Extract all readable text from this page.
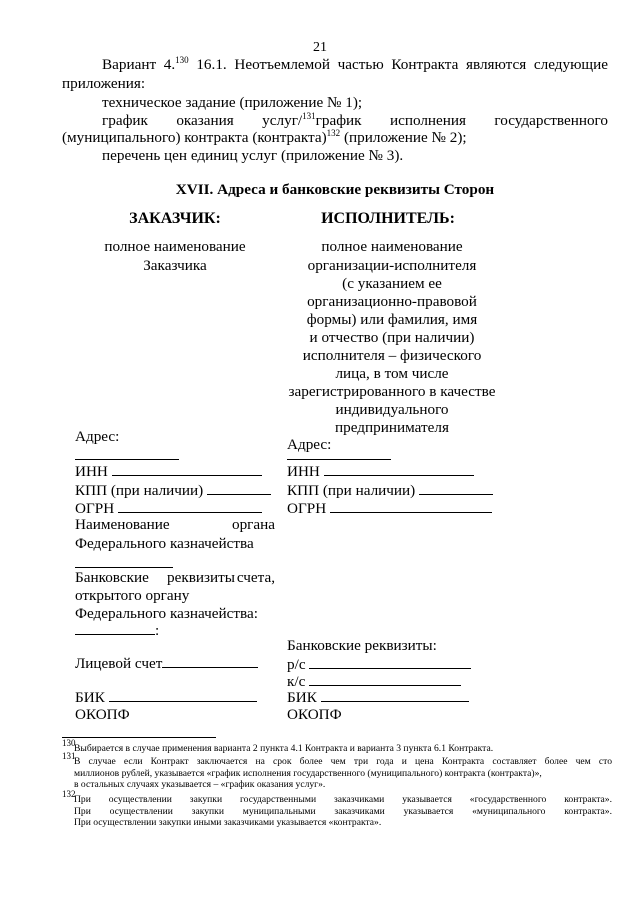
21
Вариант 4.$^{130}$ 16.1. Неотъемлемой частью Контракта являются следующие
приложения:
техническое задание (приложение № 1);
график оказания услуг/$^{131}$график исполнения государственного
(муниципального) контракта (контракта)$^{132}$ (приложение № 2);
перечень цен единиц услуг (приложение № 3).
XVII. Адреса и банковские реквизиты Сторон
ЗАКАЗЧИК:
полное наименование
Заказчика
Адрес:
ИНН
КПП (при наличии)
ОГРН
Наименование	органа
Федерального казначейства
Банковские реквизиты счета,
открытого органу
Федерального казначейства:
:
Лицевой счет
БИК
ОКОПФ
ИСПОЛНИТЕЛЬ:
полное наименование
организации-исполнителя
(с указанием ее
организационно-правовой
формы) или фамилия, имя
и отчество (при наличии)
исполнителя – физического
лица, в том числе
зарегистрированного в качестве
индивидуального
предпринимателя
Адрес:
ИНН
КПП (при наличии)
ОГРН
Банковские реквизиты:
р/с
к/с
БИК
ОКОПФ
130
Выбирается в случае применения варианта 2 пункта 4.1 Контракта и варианта 3 пункта 6.1 Контракта.
131
В случае если Контракт заключается на срок более чем три года и цена Контракта составляет более чем сто
миллионов рублей, указывается «график исполнения государственного (муниципального) контракта (контракта)»,
в остальных случаях указывается – «график оказания услуг».
132
При осуществлении закупки государственными заказчиками указывается «государственного контракта».
При осуществлении закупки муниципальными заказчиками указывается «муниципального контракта».
При осуществлении закупки иными заказчиками указывается «контракта».
